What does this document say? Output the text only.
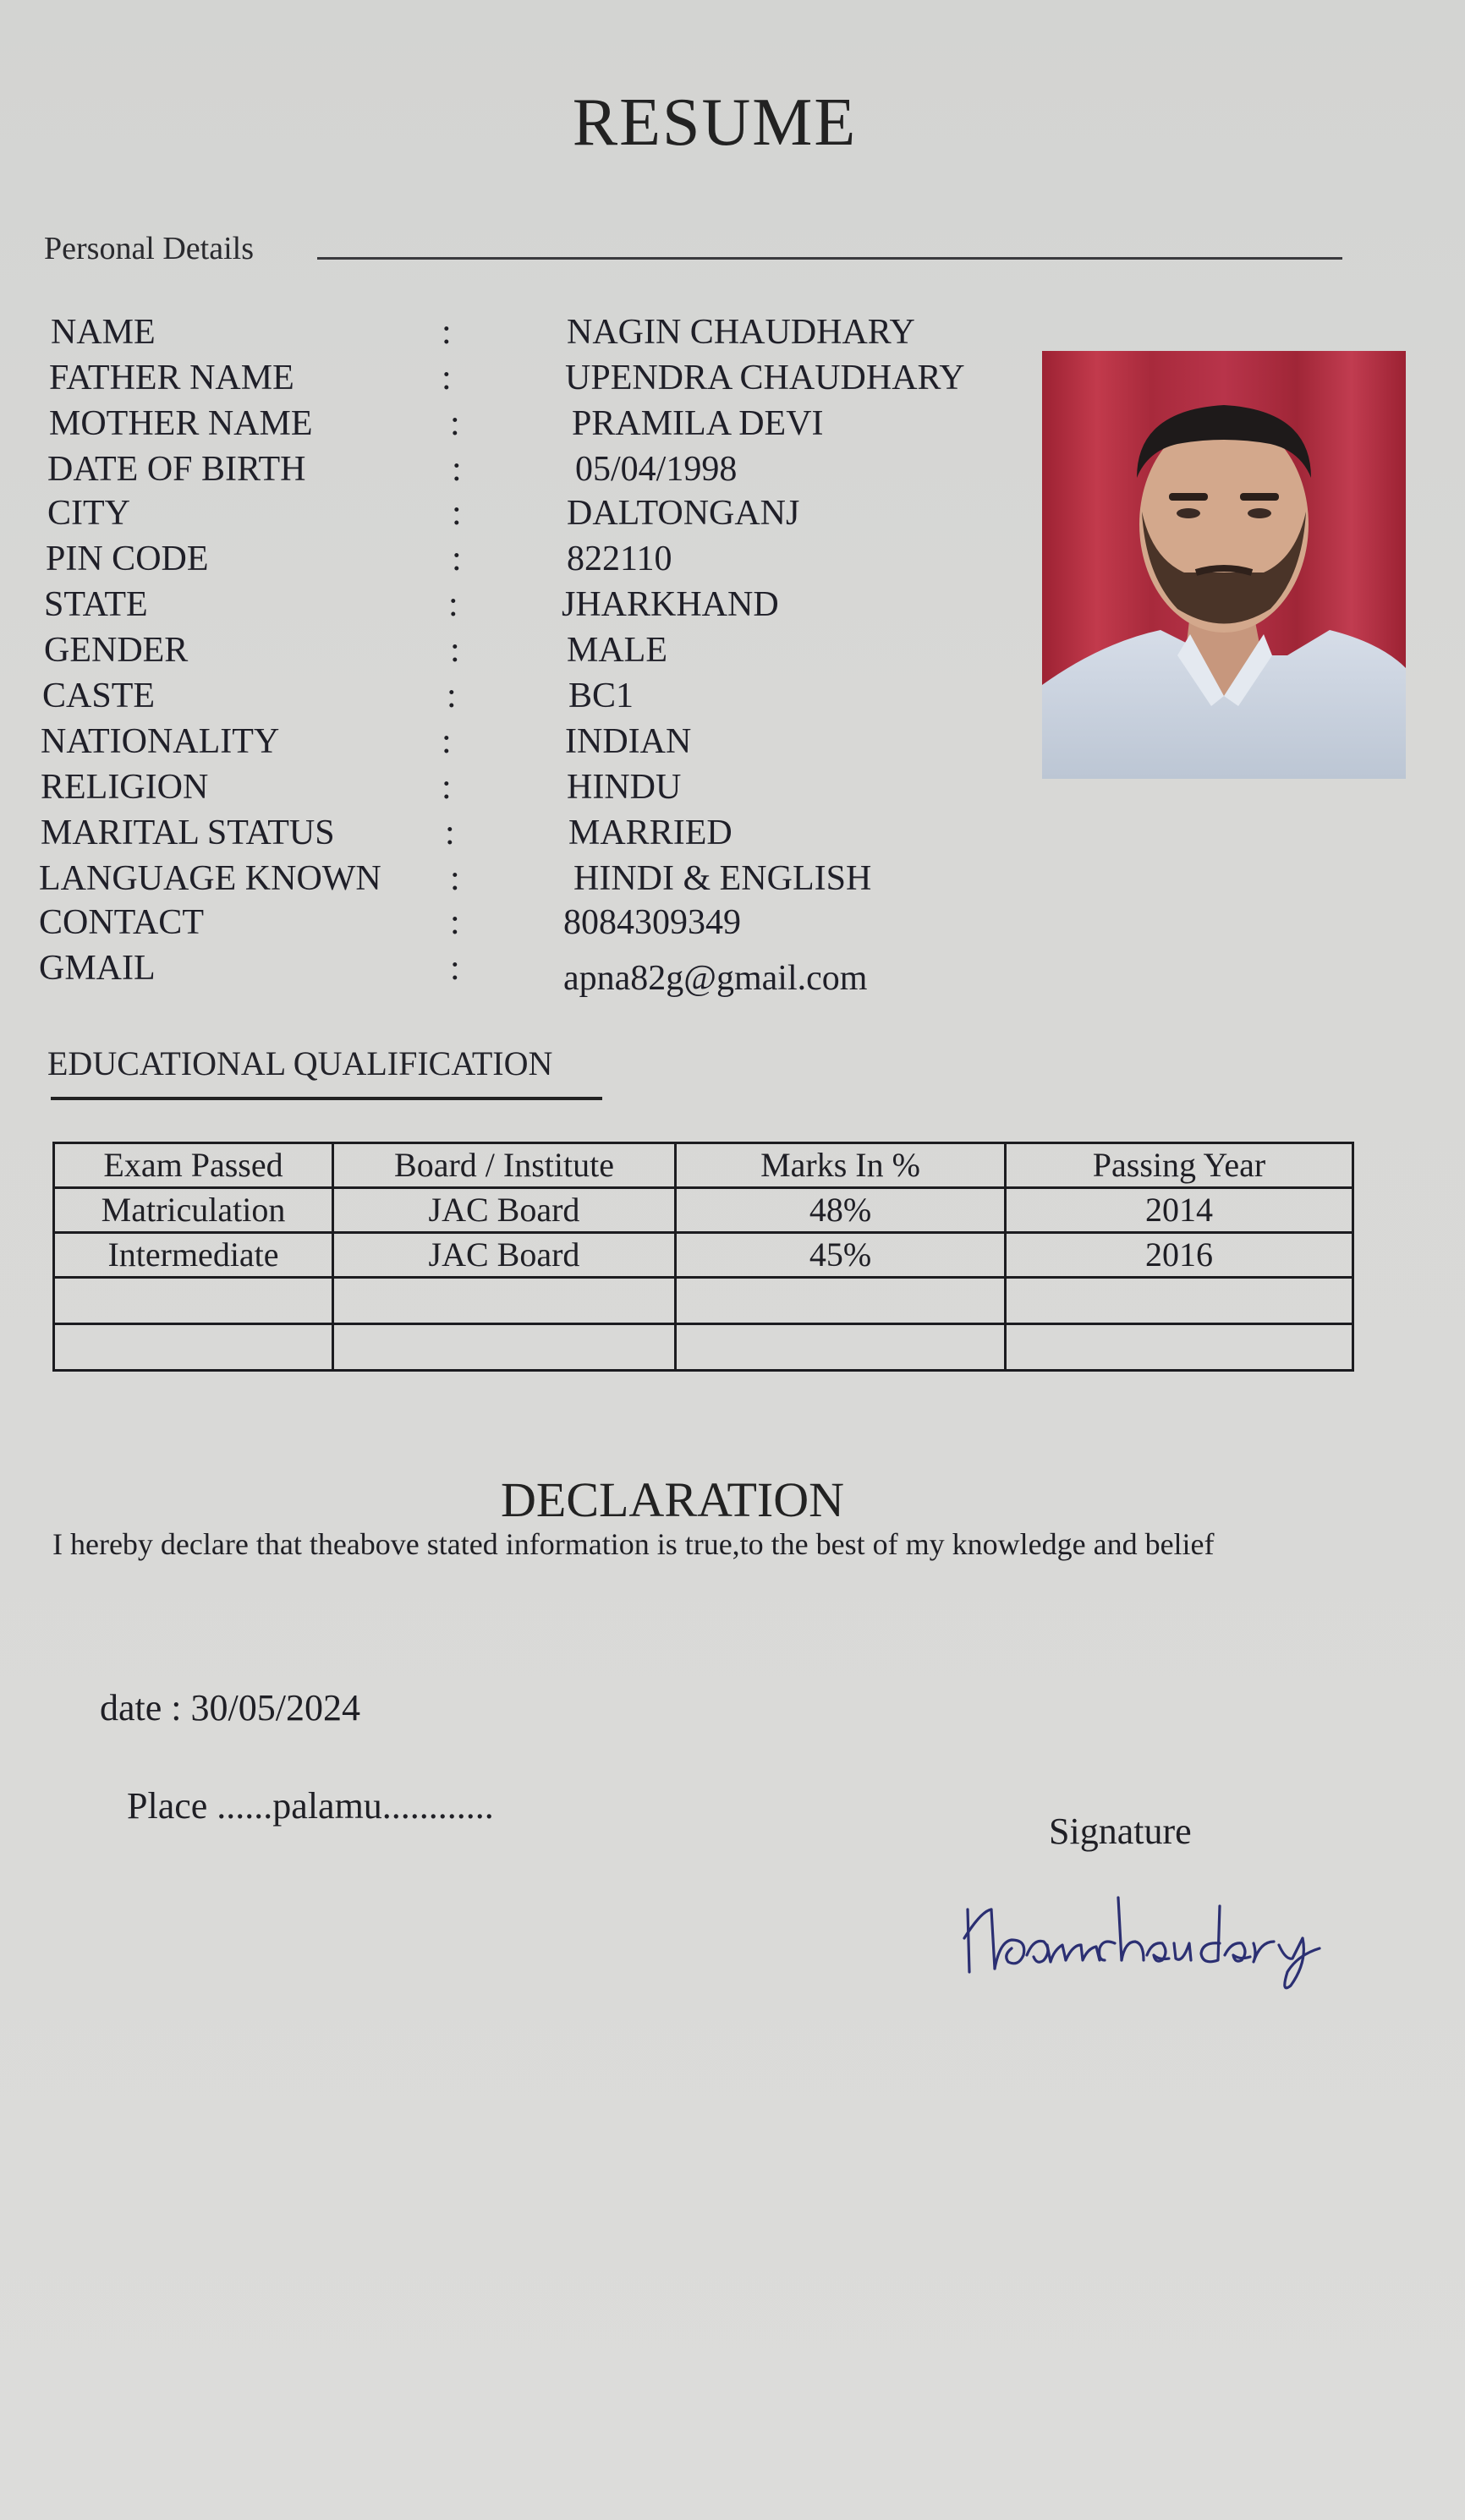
RESUME
Personal Details
NAME	:	NAGIN CHAUDHARY
FATHER NAME	:	UPENDRA CHAUDHARY
MOTHER NAME	:	PRAMILA DEVI
DATE OF BIRTH	:	05/04/1998
CITY	:	DALTONGANJ
PIN CODE	:	822110
STATE	:	JHARKHAND
GENDER	:	MALE
CASTE	:	BC1
NATIONALITY	:	INDIAN
RELIGION	:	HINDU
MARITAL STATUS	:	MARRIED
LANGUAGE KNOWN :	HINDI & ENGLISH
CONTACT	:	8084309349
GMAIL	:	apna82g@gmail.com
EDUCATIONAL QUALIFICATION
Exam Passed	Board / Institute	Marks In %	Passing Year
Matriculation	JAC Board	48%	2014
Intermediate	JAC Board	45%	2016

DECLARATION
I hereby declare that theabove stated information is true,to the best of my knowledge and belief
date : 30/05/2024
Place ......palamu............
Signature
